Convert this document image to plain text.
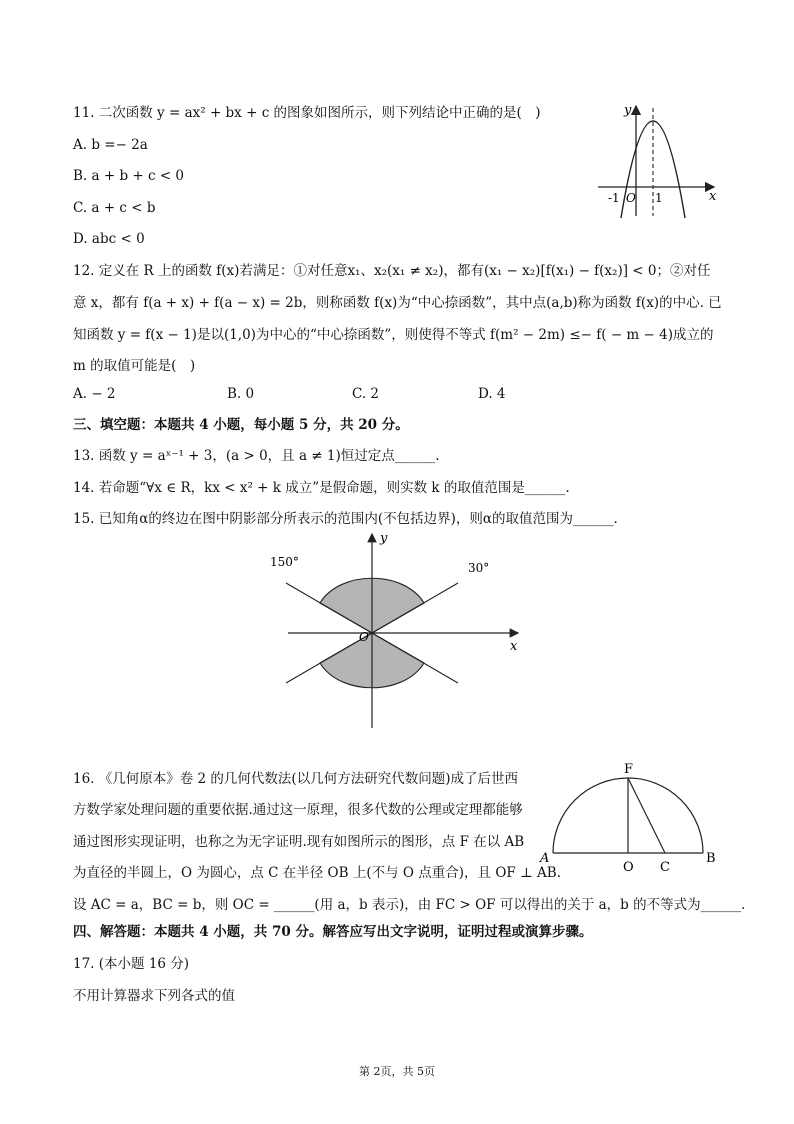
11. 二次函数 y = ax² + bx + c 的图象如图所示，则下列结论中正确的是(　)
A. b =− 2a
B. a + b + c < 0
C. a + c < b
D. abc < 0
y
x
O
-1	1
12. 定义在 R 上的函数 f(x)若满足：①对任意x₁、x₂(x₁ ≠ x₂)，都有(x₁ − x₂)[f(x₁) − f(x₂)] < 0；②对任
意 x，都有 f(a + x) + f(a − x) = 2b，则称函数 f(x)为“中心捺函数”，其中点(a,b)称为函数 f(x)的中心. 已
知函数 y = f(x − 1)是以(1,0)为中心的“中心捺函数”，则使得不等式 f(m² − 2m) ≤− f( − m − 4)成立的
m 的取值可能是(　)
A. − 2	B. 0	C. 2	D. 4
三、填空题：本题共 4 小题，每小题 5 分，共 20 分。
13. 函数 y = aˣ⁻¹ + 3，(a > 0，且 a ≠ 1)恒过定点______.
14. 若命题“∀x ∈ R，kx < x² + k 成立”是假命题，则实数 k 的取值范围是______.
15. 已知角α的终边在图中阴影部分所表示的范围内(不包括边界)，则α的取值范围为______.
150°	30°
y
x
O
16. 《几何原本》卷 2 的几何代数法(以几何方法研究代数问题)成了后世西
方数学家处理问题的重要依据.通过这一原理，很多代数的公理或定理都能够
通过图形实现证明，也称之为无字证明.现有如图所示的图形，点 F 在以 AB
为直径的半圆上，O 为圆心，点 C 在半径 OB 上(不与 O 点重合)，且 OF ⊥ AB.
设 AC = a，BC = b，则 OC = ______(用 a，b 表示)，由 FC > OF 可以得出的关于 a，b 的不等式为______.
F
A
O C
B
四、解答题：本题共 4 小题，共 70 分。解答应写出文字说明，证明过程或演算步骤。
17. (本小题 16 分)
不用计算器求下列各式的值
第 2页，共 5页
